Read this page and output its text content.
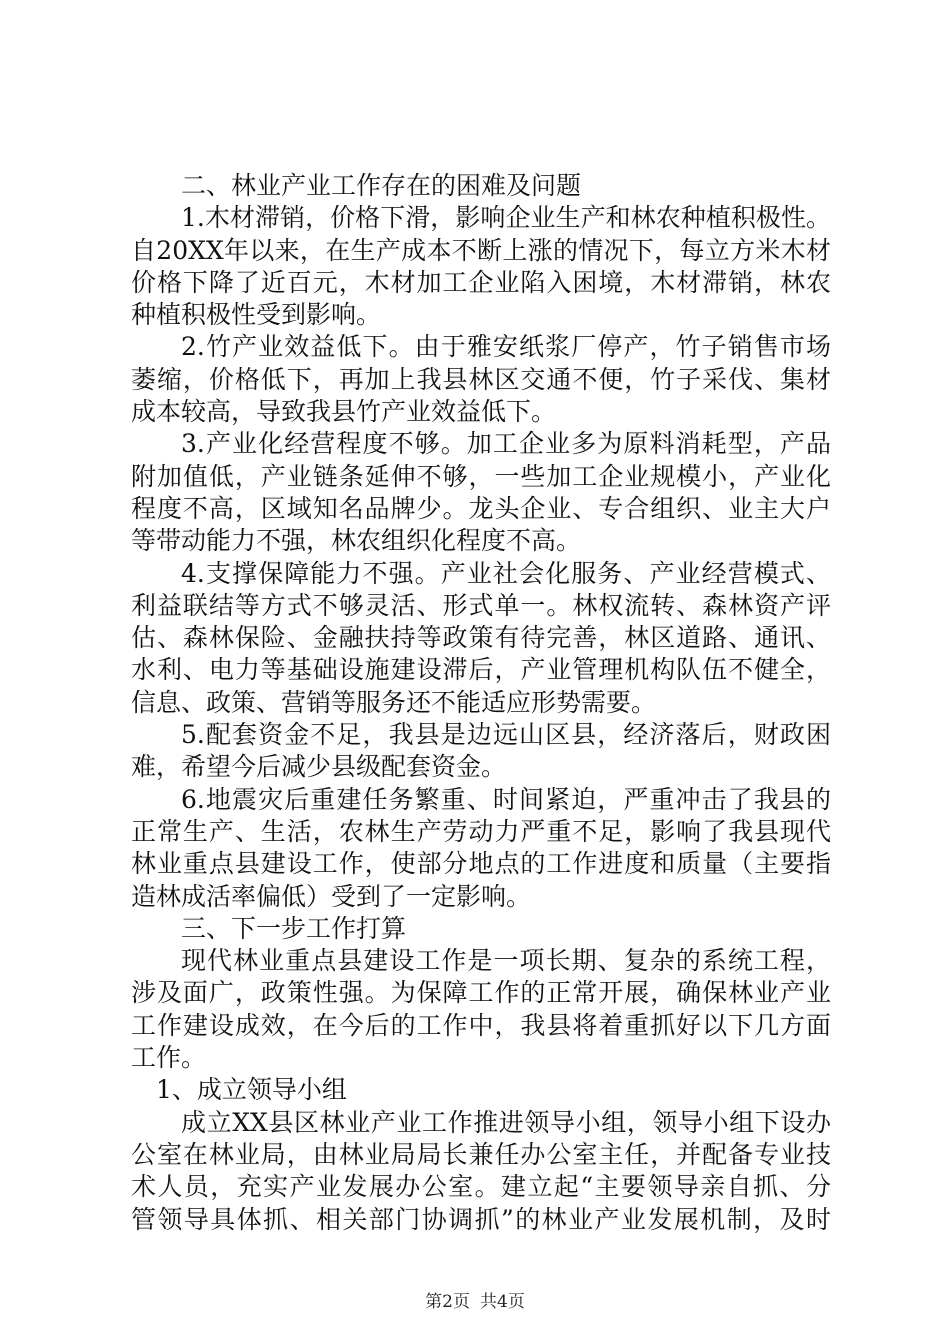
二、林业产业工作存在的困难及问题
1.木材滞销，价格下滑，影响企业生产和林农种植积极性。
自20XX年以来，在生产成本不断上涨的情况下，每立方米木材
价格下降了近百元，木材加工企业陷入困境，木材滞销，林农
种植积极性受到影响。
2.竹产业效益低下。由于雅安纸浆厂停产，竹子销售市场
萎缩，价格低下，再加上我县林区交通不便，竹子采伐、集材
成本较高，导致我县竹产业效益低下。
3.产业化经营程度不够。加工企业多为原料消耗型，产品
附加值低，产业链条延伸不够，一些加工企业规模小，产业化
程度不高，区域知名品牌少。龙头企业、专合组织、业主大户
等带动能力不强，林农组织化程度不高。
4.支撑保障能力不强。产业社会化服务、产业经营模式、
利益联结等方式不够灵活、形式单一。林权流转、森林资产评
估、森林保险、金融扶持等政策有待完善，林区道路、通讯、
水利、电力等基础设施建设滞后，产业管理机构队伍不健全，
信息、政策、营销等服务还不能适应形势需要。
5.配套资金不足，我县是边远山区县，经济落后，财政困
难，希望今后减少县级配套资金。
6.地震灾后重建任务繁重、时间紧迫，严重冲击了我县的
正常生产、生活，农林生产劳动力严重不足，影响了我县现代
林业重点县建设工作，使部分地点的工作进度和质量（主要指
造林成活率偏低）受到了一定影响。
三、下一步工作打算
现代林业重点县建设工作是一项长期、复杂的系统工程，
涉及面广，政策性强。为保障工作的正常开展，确保林业产业
工作建设成效，在今后的工作中，我县将着重抓好以下几方面
工作。
1、成立领导小组
成立XX县区林业产业工作推进领导小组，领导小组下设办
公室在林业局，由林业局局长兼任办公室主任，并配备专业技
术人员，充实产业发展办公室。建立起“主要领导亲自抓、分
管领导具体抓、相关部门协调抓”的林业产业发展机制，及时
第2页 共4页
